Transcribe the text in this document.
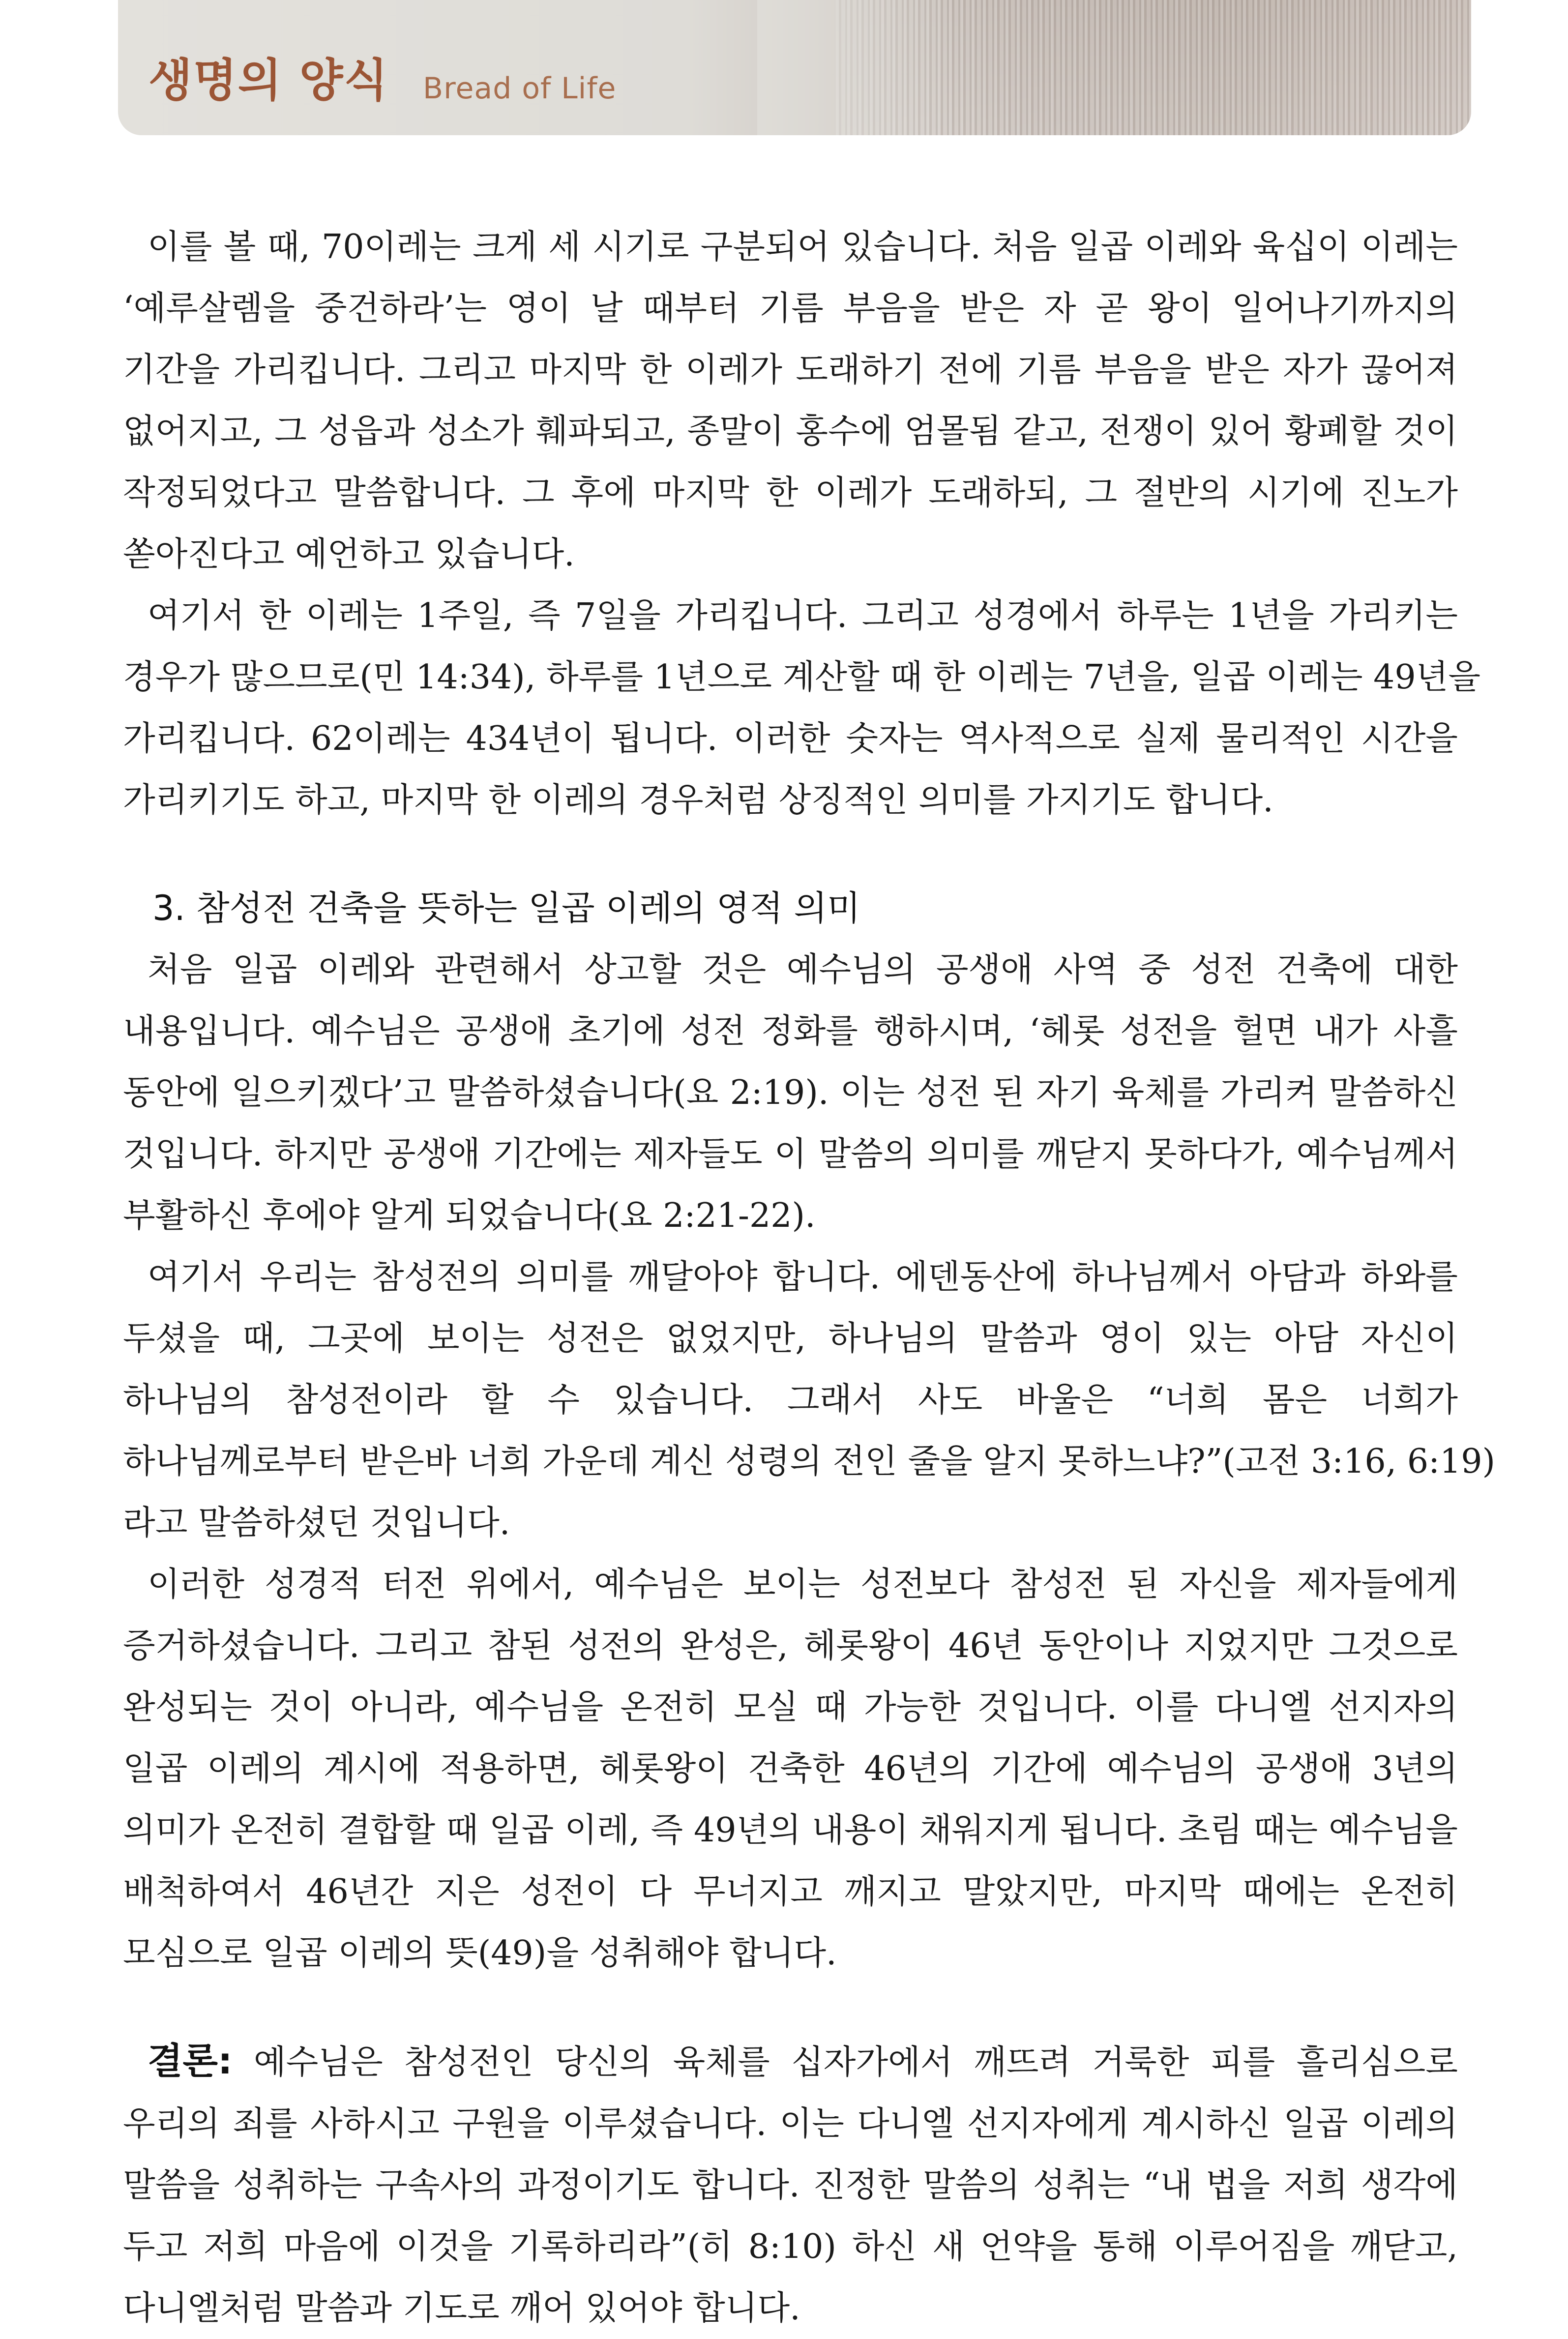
생명의 양식 Bread of Life

이를 볼 때, 70이레는 크게 세 시기로 구분되어 있습니다. 처음 일곱 이레와 육십이 이레는
‘예루살렘을 중건하라’는 영이 날 때부터 기름 부음을 받은 자 곧 왕이 일어나기까지의
기간을 가리킵니다. 그리고 마지막 한 이레가 도래하기 전에 기름 부음을 받은 자가 끊어져
없어지고, 그 성읍과 성소가 훼파되고, 종말이 홍수에 엄몰됨 같고, 전쟁이 있어 황폐할 것이
작정되었다고 말씀합니다. 그 후에 마지막 한 이레가 도래하되, 그 절반의 시기에 진노가
쏟아진다고 예언하고 있습니다.

여기서 한 이레는 1주일, 즉 7일을 가리킵니다. 그리고 성경에서 하루는 1년을 가리키는
경우가 많으므로(민 14:34), 하루를 1년으로 계산할 때 한 이레는 7년을, 일곱 이레는 49년을
가리킵니다. 62이레는 434년이 됩니다. 이러한 숫자는 역사적으로 실제 물리적인 시간을
가리키기도 하고, 마지막 한 이레의 경우처럼 상징적인 의미를 가지기도 합니다.

3. 참성전 건축을 뜻하는 일곱 이레의 영적 의미

처음 일곱 이레와 관련해서 상고할 것은 예수님의 공생애 사역 중 성전 건축에 대한
내용입니다. 예수님은 공생애 초기에 성전 정화를 행하시며, ‘헤롯 성전을 헐면 내가 사흘
동안에 일으키겠다’고 말씀하셨습니다(요 2:19). 이는 성전 된 자기 육체를 가리켜 말씀하신
것입니다. 하지만 공생애 기간에는 제자들도 이 말씀의 의미를 깨닫지 못하다가, 예수님께서
부활하신 후에야 알게 되었습니다(요 2:21-22).

여기서 우리는 참성전의 의미를 깨달아야 합니다. 에덴동산에 하나님께서 아담과 하와를
두셨을 때, 그곳에 보이는 성전은 없었지만, 하나님의 말씀과 영이 있는 아담 자신이
하나님의 참성전이라 할 수 있습니다. 그래서 사도 바울은 “너희 몸은 너희가
하나님께로부터 받은바 너희 가운데 계신 성령의 전인 줄을 알지 못하느냐?”(고전 3:16, 6:19)
라고 말씀하셨던 것입니다.

이러한 성경적 터전 위에서, 예수님은 보이는 성전보다 참성전 된 자신을 제자들에게
증거하셨습니다. 그리고 참된 성전의 완성은, 헤롯왕이 46년 동안이나 지었지만 그것으로
완성되는 것이 아니라, 예수님을 온전히 모실 때 가능한 것입니다. 이를 다니엘 선지자의
일곱 이레의 계시에 적용하면, 헤롯왕이 건축한 46년의 기간에 예수님의 공생애 3년의
의미가 온전히 결합할 때 일곱 이레, 즉 49년의 내용이 채워지게 됩니다. 초림 때는 예수님을
배척하여서 46년간 지은 성전이 다 무너지고 깨지고 말았지만, 마지막 때에는 온전히
모심으로 일곱 이레의 뜻(49)을 성취해야 합니다.

결론: 예수님은 참성전인 당신의 육체를 십자가에서 깨뜨려 거룩한 피를 흘리심으로
우리의 죄를 사하시고 구원을 이루셨습니다. 이는 다니엘 선지자에게 계시하신 일곱 이레의
말씀을 성취하는 구속사의 과정이기도 합니다. 진정한 말씀의 성취는 “내 법을 저희 생각에
두고 저희 마음에 이것을 기록하리라”(히 8:10) 하신 새 언약을 통해 이루어짐을 깨닫고,
다니엘처럼 말씀과 기도로 깨어 있어야 합니다.
